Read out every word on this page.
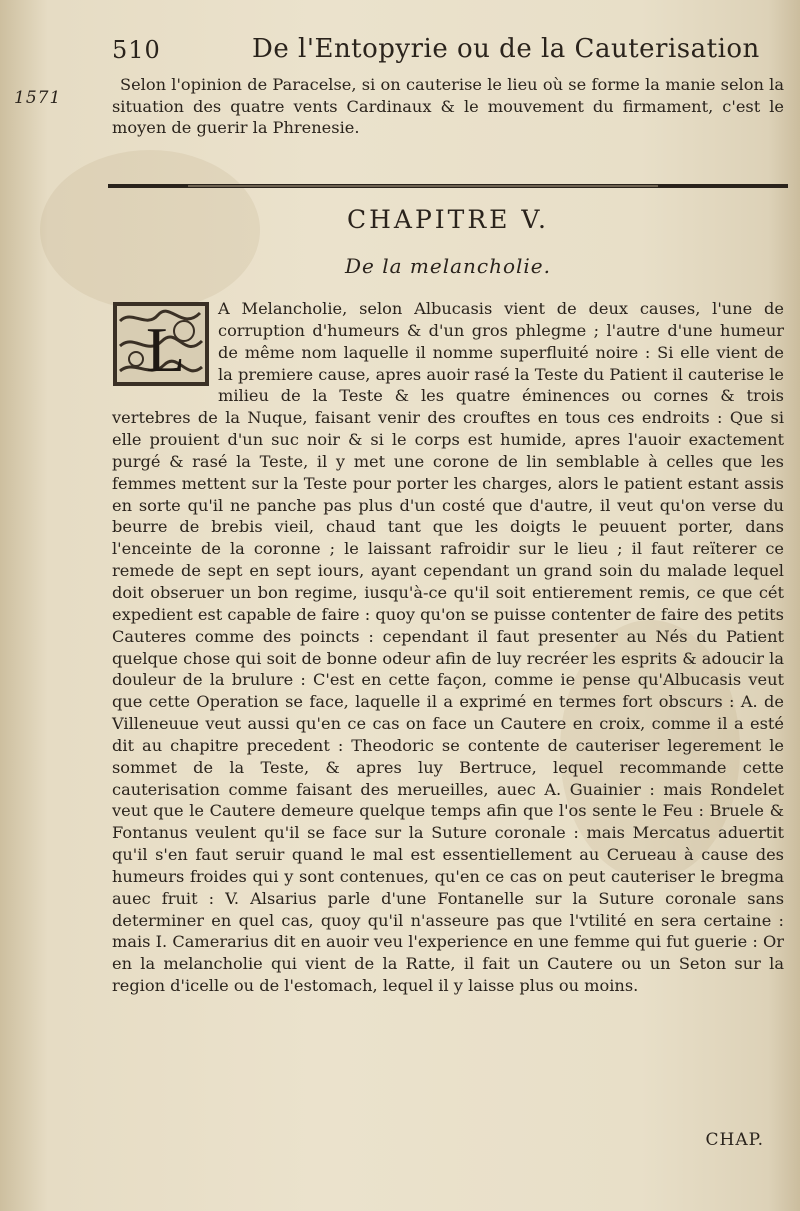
510	De l'Entopyrie ou de la Cauterisation
1571

Selon l'opinion de Paracelse, si on cauterise le lieu où se forme la manie selon la situation des quatre vents Cardinaux & le mouvement du firmament, c'est le moyen de guerir la Phrenesie.

CHAPITRE V.
De la melancholie.
L

A Melancholie, selon Albucasis vient de deux causes, l'une de corruption d'humeurs & d'un gros phlegme ; l'autre d'une humeur de même nom laquelle il nomme superfluité noire : Si elle vient de la premiere cause, apres auoir rasé la Teste du Patient il cauterise le milieu de la Teste & les quatre éminences ou cornes & trois vertebres de la Nuque, faisant venir des crouftes en tous ces endroits : Que si elle prouient d'un suc noir & si le corps est humide, apres l'auoir exactement purgé & rasé la Teste, il y met une corone de lin semblable à celles que les femmes mettent sur la Teste pour porter les charges, alors le patient estant assis en sorte qu'il ne panche pas plus d'un costé que d'autre, il veut qu'on verse du beurre de brebis vieil, chaud tant que les doigts le peuuent porter, dans l'enceinte de la coronne ; le laissant rafroidir sur le lieu ; il faut reïterer ce remede de sept en sept iours, ayant cependant un grand soin du malade lequel doit obseruer un bon regime, iusqu'à-ce qu'il soit entierement remis, ce que cét expedient est capable de faire : quoy qu'on se puisse contenter de faire des petits Cauteres comme des poincts : cependant il faut presenter au Nés du Patient quelque chose qui soit de bonne odeur afin de luy recréer les esprits & adoucir la douleur de la brulure : C'est en cette façon, comme ie pense qu'Albucasis veut que cette Operation se face, laquelle il a exprimé en termes fort obscurs : A. de Villeneuue veut aussi qu'en ce cas on face un Cautere en croix, comme il a esté dit au chapitre precedent : Theodoric se contente de cauteriser legerement le sommet de la Teste, & apres luy Bertruce, lequel recommande cette cauterisation comme faisant des merueilles, auec A. Guainier : mais Rondelet veut que le Cautere demeure quelque temps afin que l'os sente le Feu : Bruele & Fontanus veulent qu'il se face sur la Suture coronale : mais Mercatus aduertit qu'il s'en faut seruir quand le mal est essentiellement au Cerueau à cause des humeurs froides qui y sont contenues, qu'en ce cas on peut cauteriser le bregma auec fruit : V. Alsarius parle d'une Fontanelle sur la Suture coronale sans determiner en quel cas, quoy qu'il n'asseure pas que l'vtilité en sera certaine : mais I. Camerarius dit en auoir veu l'experience en une femme qui fut guerie : Or en la melancholie qui vient de la Ratte, il fait un Cautere ou un Seton sur la region d'icelle ou de l'estomach, lequel il y laisse plus ou moins.

CHAP.
